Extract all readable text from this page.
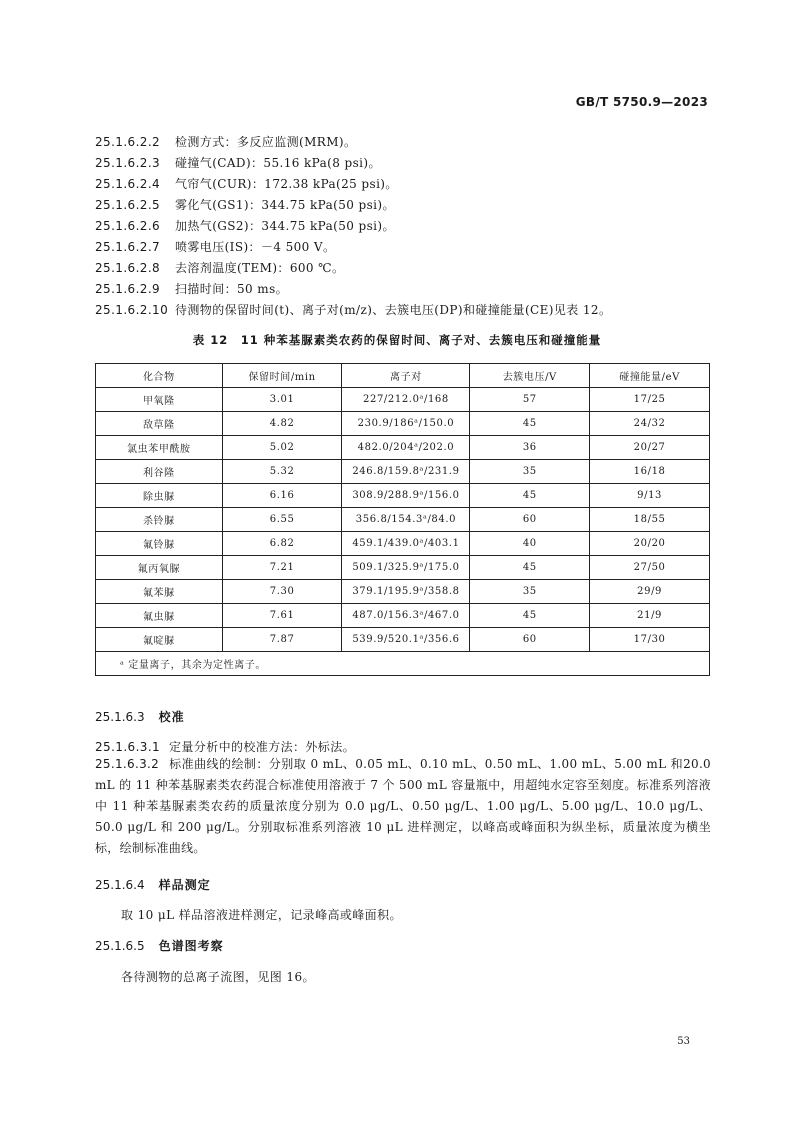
GB/T 5750.9—2023
25.1.6.2.2 检测方式：多反应监测(MRM)。
25.1.6.2.3 碰撞气(CAD)：55.16 kPa(8 psi)。
25.1.6.2.4 气帘气(CUR)：172.38 kPa(25 psi)。
25.1.6.2.5 雾化气(GS1)：344.75 kPa(50 psi)。
25.1.6.2.6 加热气(GS2)：344.75 kPa(50 psi)。
25.1.6.2.7 喷雾电压(IS)：－4 500 V。
25.1.6.2.8 去溶剂温度(TEM)：600 ℃。
25.1.6.2.9 扫描时间：50 ms。
25.1.6.2.10 待测物的保留时间(t)、离子对(m/z)、去簇电压(DP)和碰撞能量(CE)见表 12。
表 12　11 种苯基脲素类农药的保留时间、离子对、去簇电压和碰撞能量
化合物	保留时间/min	离子对	去簇电压/V	碰撞能量/eV
甲氧隆	3.01	227/212.0ᵃ/168	57	17/25
敌草隆	4.82	230.9/186ᵃ/150.0	45	24/32
氯虫苯甲酰胺	5.02	482.0/204ᵃ/202.0	36	20/27
利谷隆	5.32	246.8/159.8ᵃ/231.9	35	16/18
除虫脲	6.16	308.9/288.9ᵃ/156.0	45	9/13
杀铃脲	6.55	356.8/154.3ᵃ/84.0	60	18/55
氟铃脲	6.82	459.1/439.0ᵃ/403.1	40	20/20
氟丙氧脲	7.21	509.1/325.9ᵃ/175.0	45	27/50
氟苯脲	7.30	379.1/195.9ᵃ/358.8	35	29/9
氟虫脲	7.61	487.0/156.3ᵃ/467.0	45	21/9
氟啶脲	7.87	539.9/520.1ᵃ/356.6	60	17/30
ᵃ 定量离子，其余为定性离子。				
25.1.6.3 校准
25.1.6.3.1 定量分析中的校准方法：外标法。
25.1.6.3.2 标准曲线的绘制：分别取 0 mL、0.05 mL、0.10 mL、0.50 mL、1.00 mL、5.00 mL 和20.0 mL 的 11 种苯基脲素类农药混合标准使用溶液于 7 个 500 mL 容量瓶中，用超纯水定容至刻度。标准系列溶液中 11 种苯基脲素类农药的质量浓度分别为 0.0 μg/L、0.50 μg/L、1.00 μg/L、5.00 μg/L、10.0 μg/L、50.0 μg/L 和 200 μg/L。分别取标准系列溶液 10 μL 进样测定，以峰高或峰面积为纵坐标，质量浓度为横坐标，绘制标准曲线。
25.1.6.4 样品测定
取 10 μL 样品溶液进样测定，记录峰高或峰面积。
25.1.6.5 色谱图考察
各待测物的总离子流图，见图 16。
53
